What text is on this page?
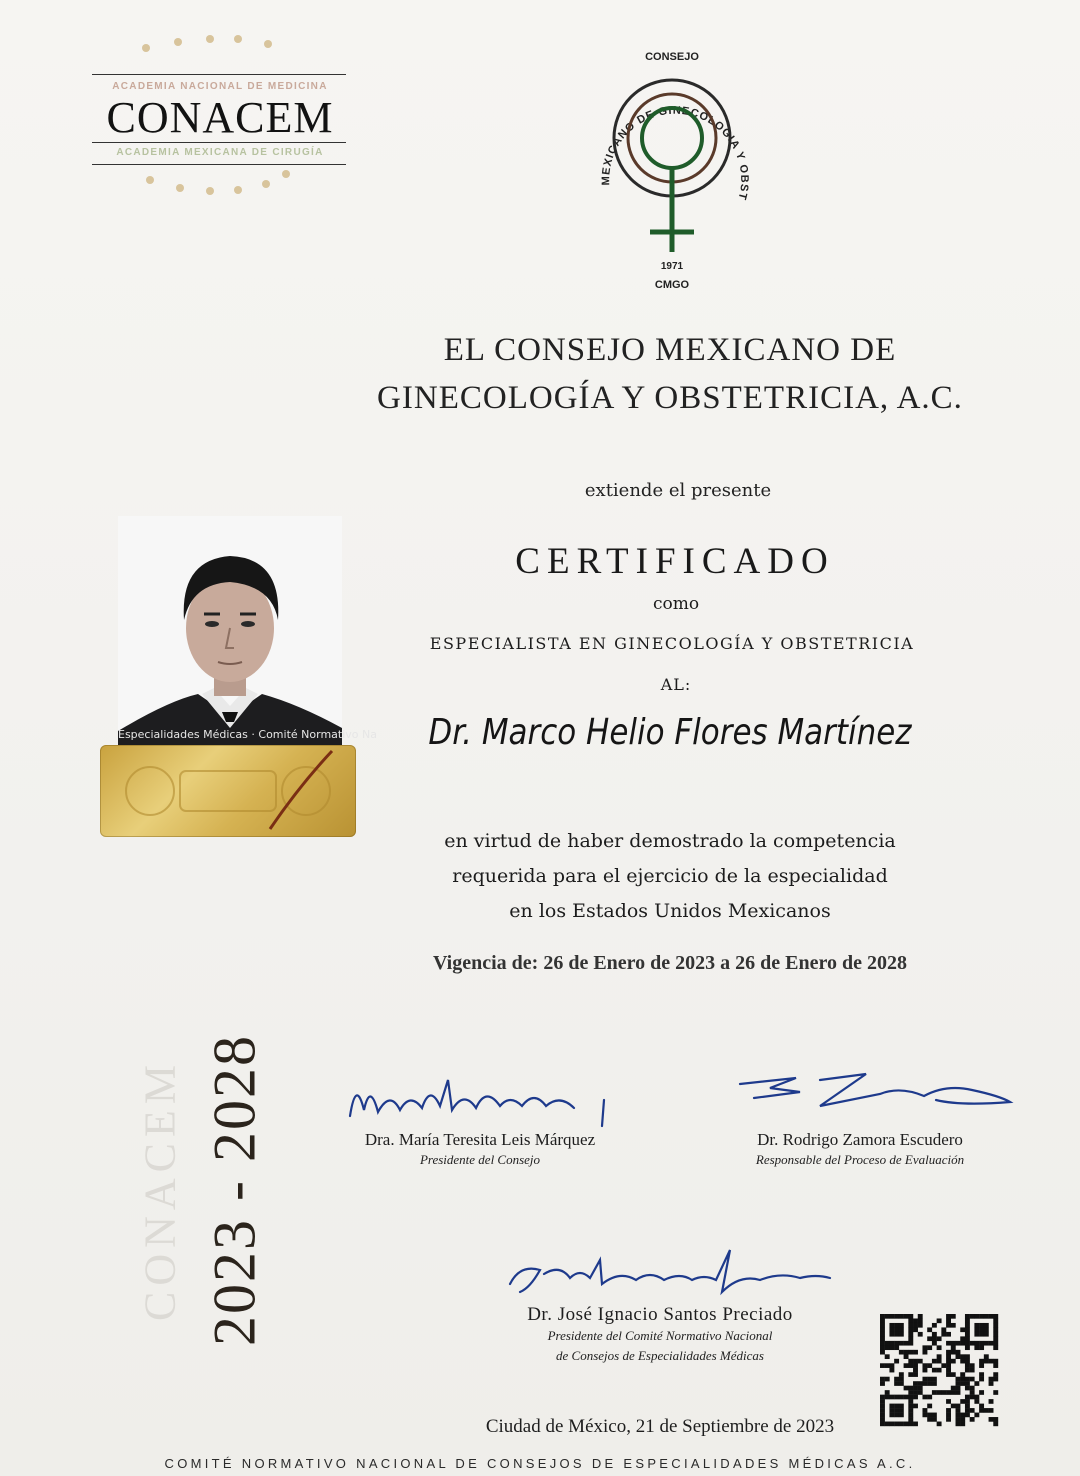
ACADEMIA NACIONAL DE MEDICINA
CONACEM
ACADEMIA MEXICANA DE CIRUGÍA
CONSEJO
MEXICANO DE GINECOLOGIA Y OBST
1971
CMGO
EL CONSEJO MEXICANO DE
GINECOLOGÍA Y OBSTETRICIA, A.C.
extiende el presente
CERTIFICADO
como
ESPECIALISTA EN GINECOLOGÍA Y OBSTETRICIA
AL:
Dr. Marco Helio Flores Martínez
en virtud de haber demostrado la competencia
requerida para el ejercicio de la especialidad
en los Estados Unidos Mexicanos
Vigencia de: 26 de Enero de 2023 a 26 de Enero de 2028
Especialidades Médicas · Comité Normativo Na
CONACEM 2023 - 2028	Dra. María Teresita Leis Márquez
Presidente del Consejo
Dr. Rodrigo Zamora Escudero
Responsable del Proceso de Evaluación
Dr. José Ignacio Santos Preciado
Presidente del Comité Normativo Nacional
de Consejos de Especialidades Médicas
Ciudad de México, 21 de Septiembre de 2023
COMITÉ NORMATIVO NACIONAL DE CONSEJOS DE ESPECIALIDADES MÉDICAS A.C.
